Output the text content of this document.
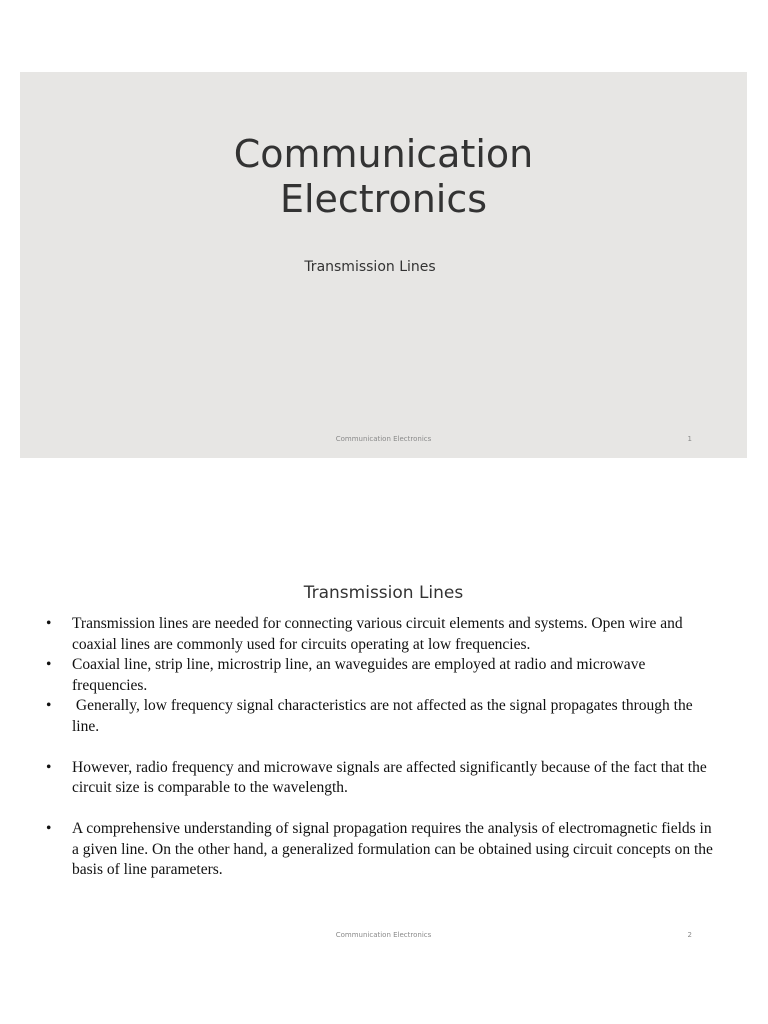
Communication
Electronics
Transmission Lines
Communication Electronics	1
Transmission Lines
• Transmission lines are needed for connecting various circuit elements and systems. Open wire and coaxial lines are commonly used for circuits operating at low frequencies.
• Coaxial line, strip line, microstrip line, an waveguides are employed at radio and microwave frequencies.
• Generally, low frequency signal characteristics are not affected as the signal propagates through the line.
• However, radio frequency and microwave signals are affected significantly because of the fact that the circuit size is comparable to the wavelength.
• A comprehensive understanding of signal propagation requires the analysis of electromagnetic fields in a given line. On the other hand, a generalized formulation can be obtained using circuit concepts on the basis of line parameters.
Communication Electronics	2
